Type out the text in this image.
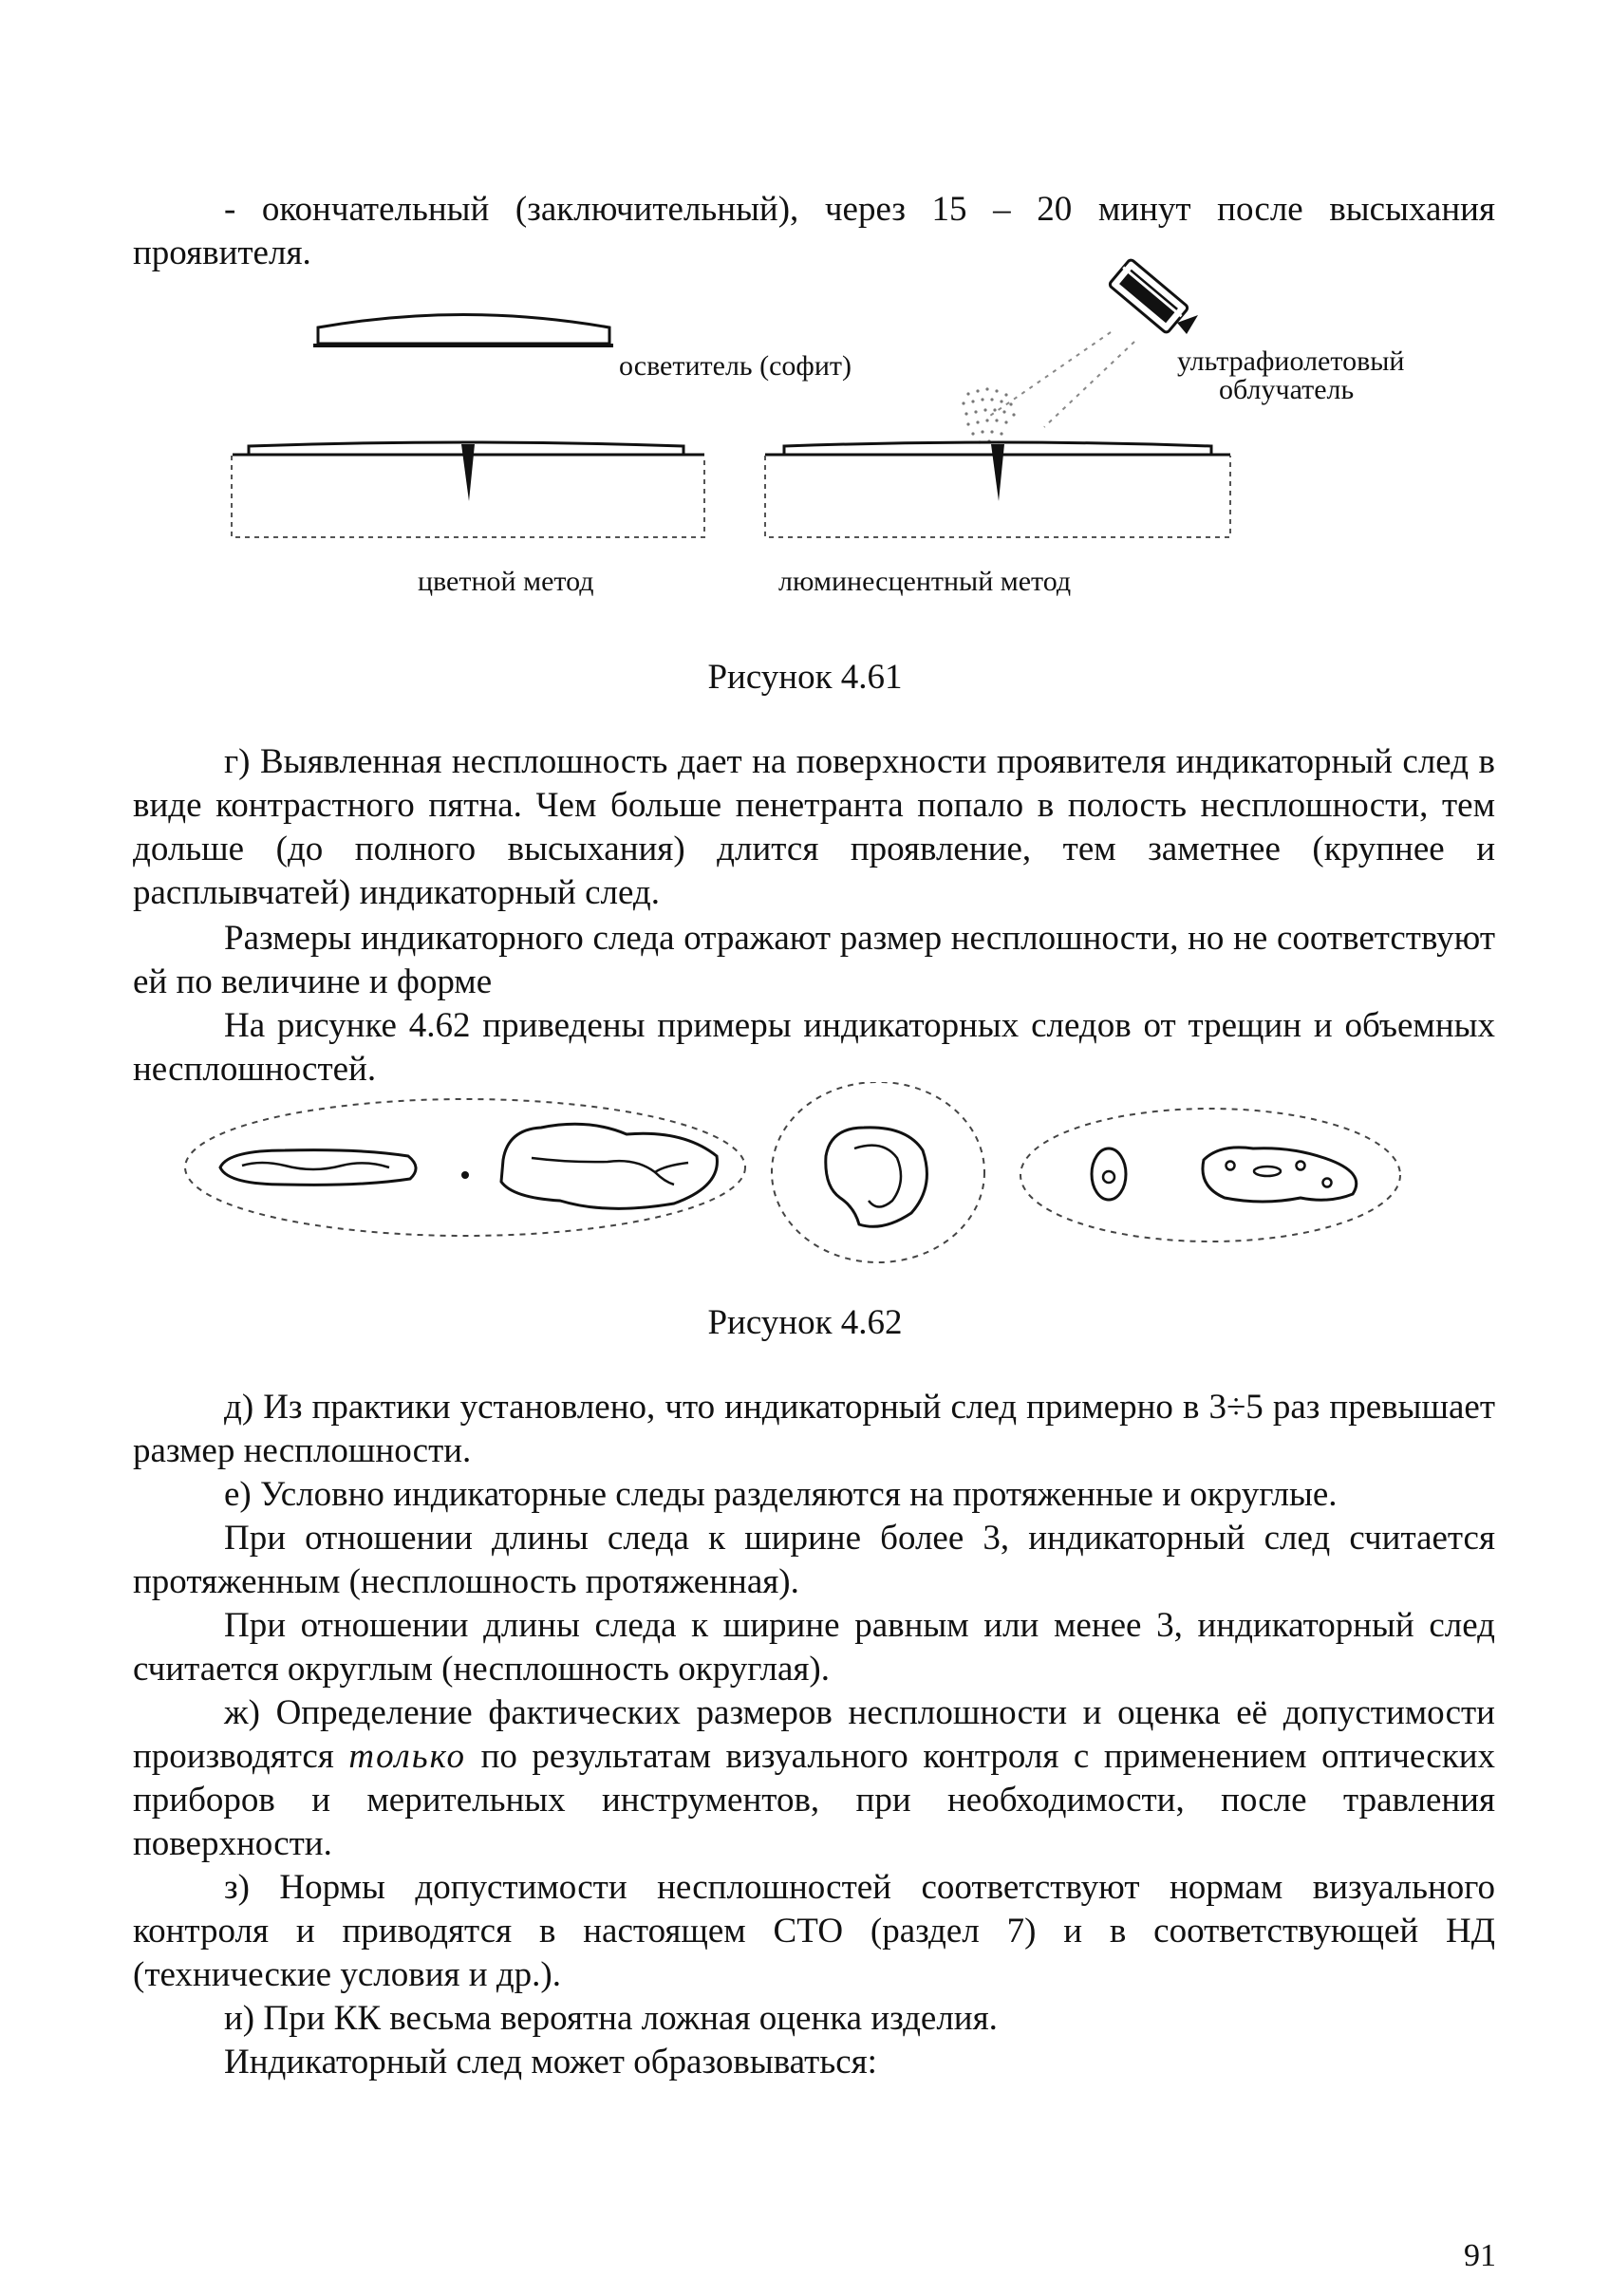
- окончательный (заключительный), через 15 – 20 минут после высыхания проявителя.
осветитель (софит)	ультрафиолетовый
облучатель
цветной метод	люминесцентный метод
Рисунок 4.61
г) Выявленная несплошность дает на поверхности проявителя индикаторный след в виде контрастного пятна. Чем больше пенетранта попало в полость несплошности, тем дольше (до полного высыхания) длится проявление, тем заметнее (крупнее и расплывчатей) индикаторный след.
Размеры индикаторного следа отражают размер несплошности, но не соответствуют ей по величине и форме
На рисунке 4.62 приведены примеры индикаторных следов от трещин и объемных несплошностей.
Рисунок 4.62
д) Из практики установлено, что индикаторный след примерно в 3÷5 раз превышает размер несплошности.
е) Условно индикаторные следы разделяются на протяженные и округлые.
При отношении длины следа к ширине более 3, индикаторный след считается протяженным (несплошность протяженная).
При отношении длины следа к ширине равным или менее 3, индикаторный след считается округлым (несплошность округлая).
ж) Определение фактических размеров несплошности и оценка её допустимости производятся только по результатам визуального контроля с применением оптических приборов и мерительных инструментов, при необходимости, после травления поверхности.
з) Нормы допустимости несплошностей соответствуют нормам визуального контроля и приводятся в настоящем СТО (раздел 7) и в соответствующей НД (технические условия и др.).
и) При КК весьма вероятна ложная оценка изделия.
Индикаторный след может образовываться:
91
